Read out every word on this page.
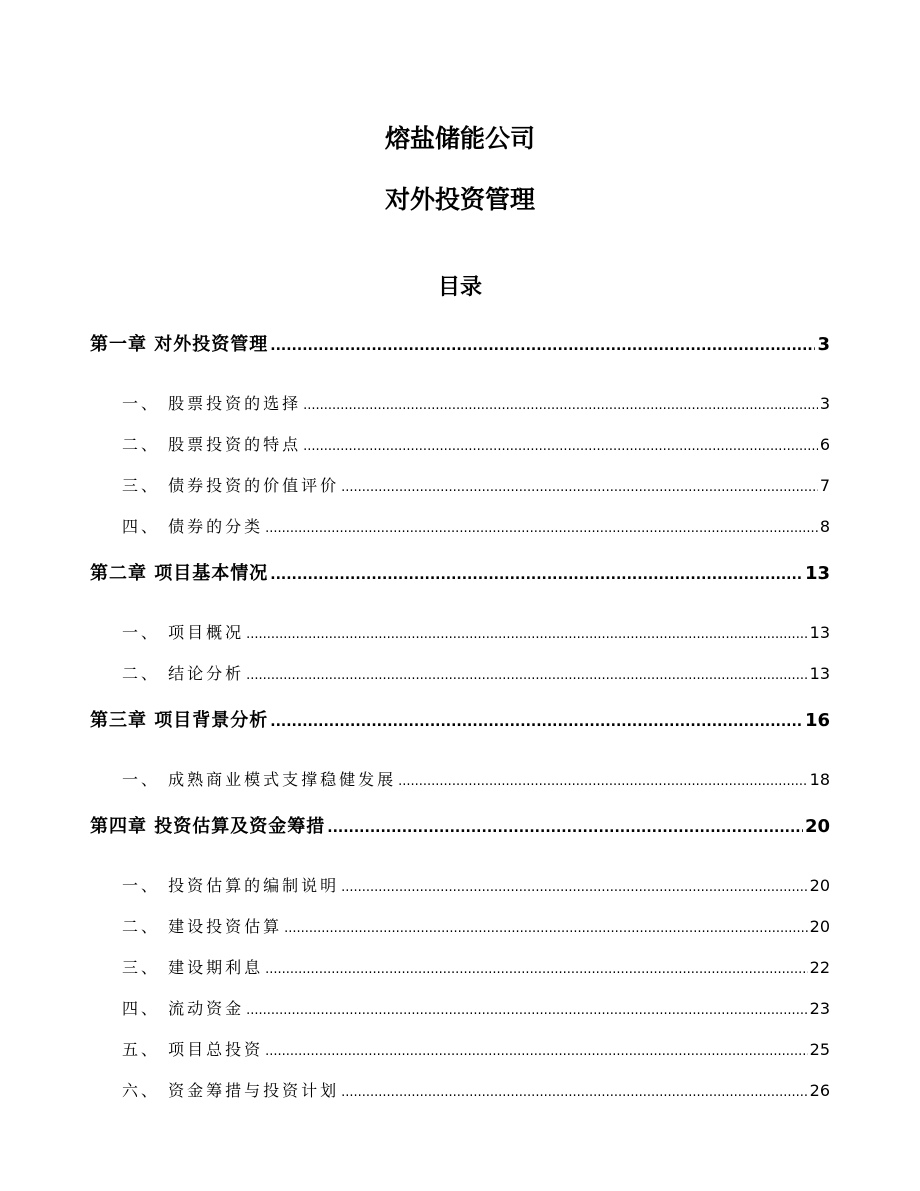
熔盐储能公司
对外投资管理
目录
第一章 对外投资管理 .....	3
一、 股票投资的选择 .....	3
二、 股票投资的特点 .....	6
三、 债券投资的价值评价 .....	7
四、 债券的分类 .....	8
第二章 项目基本情况 .....	13
一、 项目概况 .....	13
二、 结论分析 .....	13
第三章 项目背景分析 .....	16
一、 成熟商业模式支撑稳健发展 .....	18
第四章 投资估算及资金筹措 .....	20
一、 投资估算的编制说明 .....	20
二、 建设投资估算 .....	20
三、 建设期利息 .....	22
四、 流动资金 .....	23
五、 项目总投资 .....	25
六、 资金筹措与投资计划 .....	26
